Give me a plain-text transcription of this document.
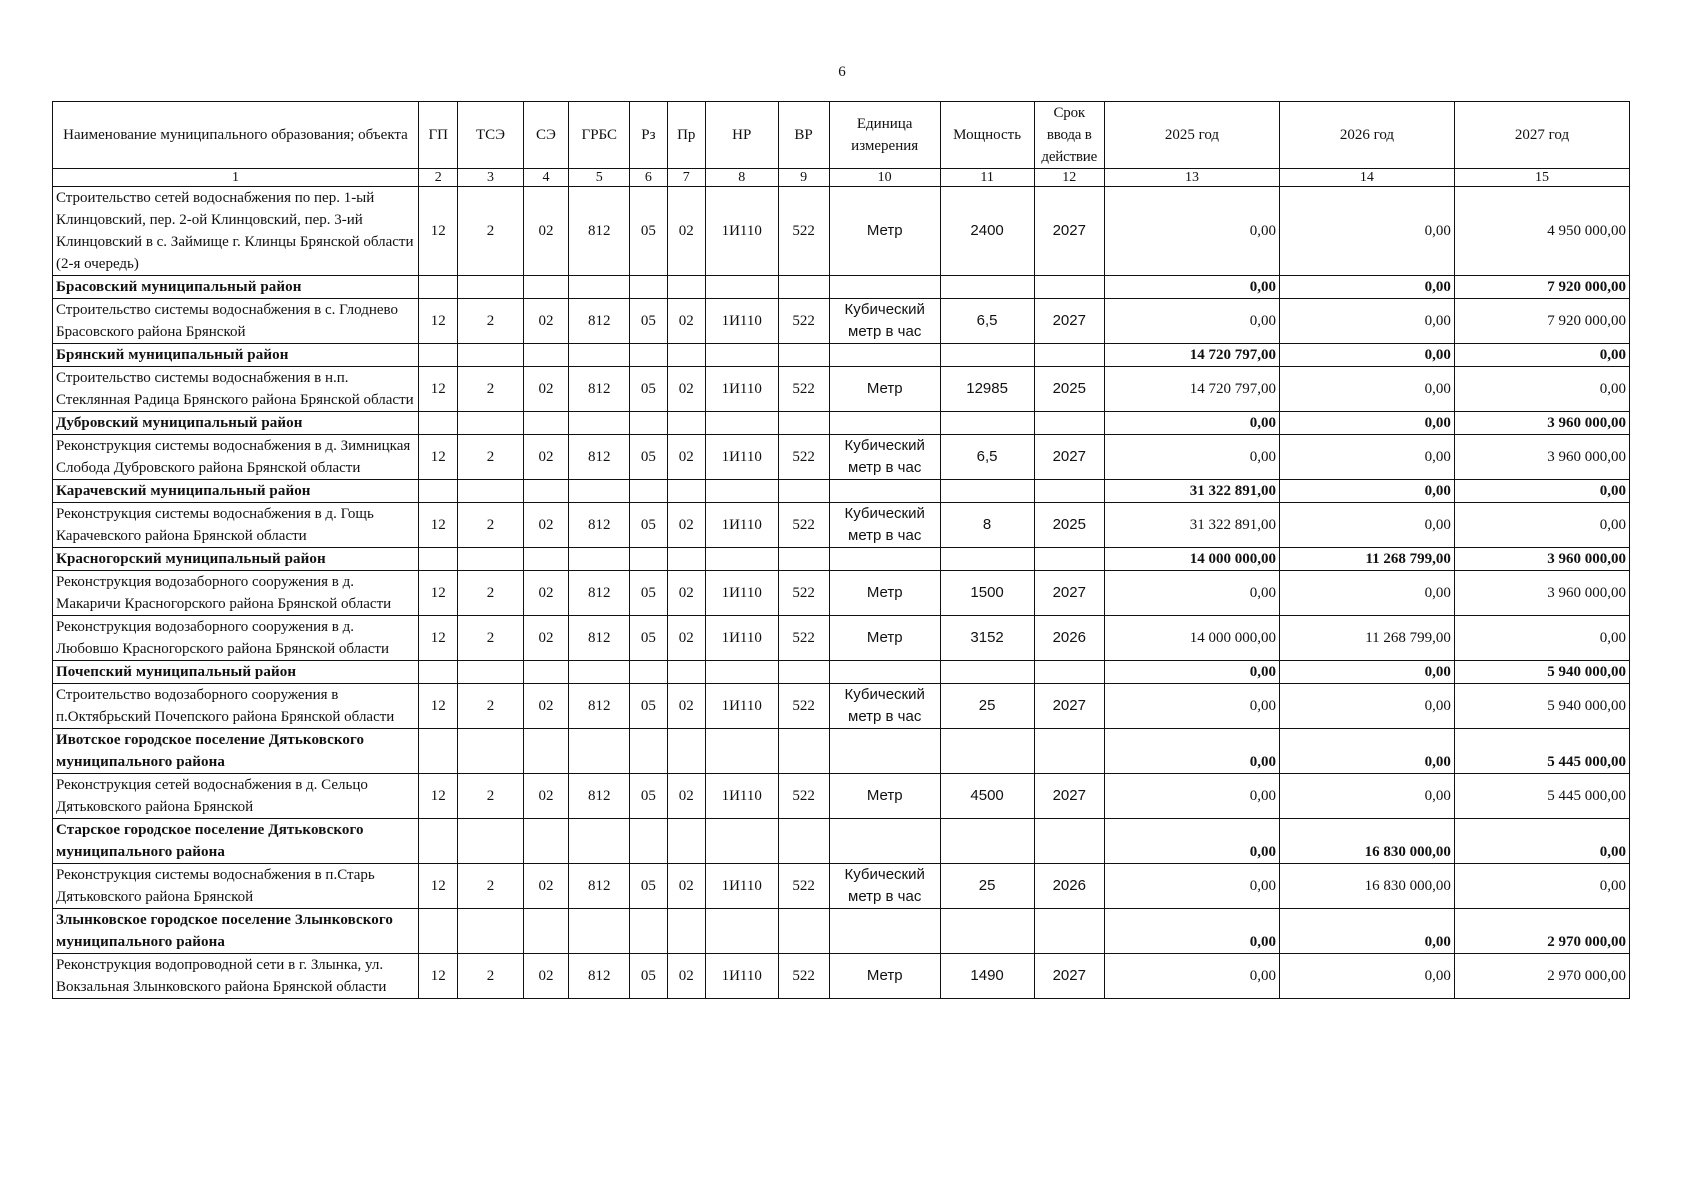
6
Наименование муниципального образования; объекта	ГП	ТСЭ	СЭ	ГРБС	Рз	Пр	НР	ВР	Единица измерения	Мощность	Срок ввода в действие	2025 год	2026 год	2027 год
1	2	3	4	5	6	7	8	9	10	11	12	13	14	15
Строительство сетей водоснабжения по пер. 1-ый Клинцовский, пер. 2-ой Клинцовский, пер. 3-ий Клинцовский в с. Займище г. Клинцы Брянской области (2-я очередь)	12	2	02	812	05	02	1И110	522	Метр	2400	2027	0,00	0,00	4 950 000,00
Брасовский муниципальный район												0,00	0,00	7 920 000,00
Строительство системы водоснабжения в с. Глоднево Брасовского района Брянской	12	2	02	812	05	02	1И110	522	Кубический метр в час	6,5	2027	0,00	0,00	7 920 000,00
Брянский муниципальный район												14 720 797,00	0,00	0,00
Строительство системы водоснабжения в н.п. Стеклянная Радица Брянского района Брянской области	12	2	02	812	05	02	1И110	522	Метр	12985	2025	14 720 797,00	0,00	0,00
Дубровский муниципальный район												0,00	0,00	3 960 000,00
Реконструкция системы водоснабжения в д. Зимницкая Слобода Дубровского района Брянской области	12	2	02	812	05	02	1И110	522	Кубический метр в час	6,5	2027	0,00	0,00	3 960 000,00
Карачевский муниципальный район												31 322 891,00	0,00	0,00
Реконструкция системы водоснабжения в д. Гощь Карачевского района Брянской области	12	2	02	812	05	02	1И110	522	Кубический метр в час	8	2025	31 322 891,00	0,00	0,00
Красногорский муниципальный район												14 000 000,00	11 268 799,00	3 960 000,00
Реконструкция водозаборного сооружения в д. Макаричи Красногорского района Брянской области	12	2	02	812	05	02	1И110	522	Метр	1500	2027	0,00	0,00	3 960 000,00
Реконструкция водозаборного сооружения в д. Любовшо Красногорского района Брянской области	12	2	02	812	05	02	1И110	522	Метр	3152	2026	14 000 000,00	11 268 799,00	0,00
Почепский муниципальный район												0,00	0,00	5 940 000,00
Строительство водозаборного сооружения в п.Октябрьский Почепского района Брянской области	12	2	02	812	05	02	1И110	522	Кубический метр в час	25	2027	0,00	0,00	5 940 000,00
Ивотское городское поселение Дятьковского муниципального района												0,00	0,00	5 445 000,00
Реконструкция сетей водоснабжения в д. Сельцо Дятьковского района Брянской	12	2	02	812	05	02	1И110	522	Метр	4500	2027	0,00	0,00	5 445 000,00
Старское городское поселение Дятьковского муниципального района												0,00	16 830 000,00	0,00
Реконструкция системы водоснабжения в п.Старь Дятьковского района Брянской	12	2	02	812	05	02	1И110	522	Кубический метр в час	25	2026	0,00	16 830 000,00	0,00
Злынковское городское поселение Злынковского муниципального района												0,00	0,00	2 970 000,00
Реконструкция водопроводной сети в г. Злынка, ул. Вокзальная Злынковского района Брянской области	12	2	02	812	05	02	1И110	522	Метр	1490	2027	0,00	0,00	2 970 000,00
